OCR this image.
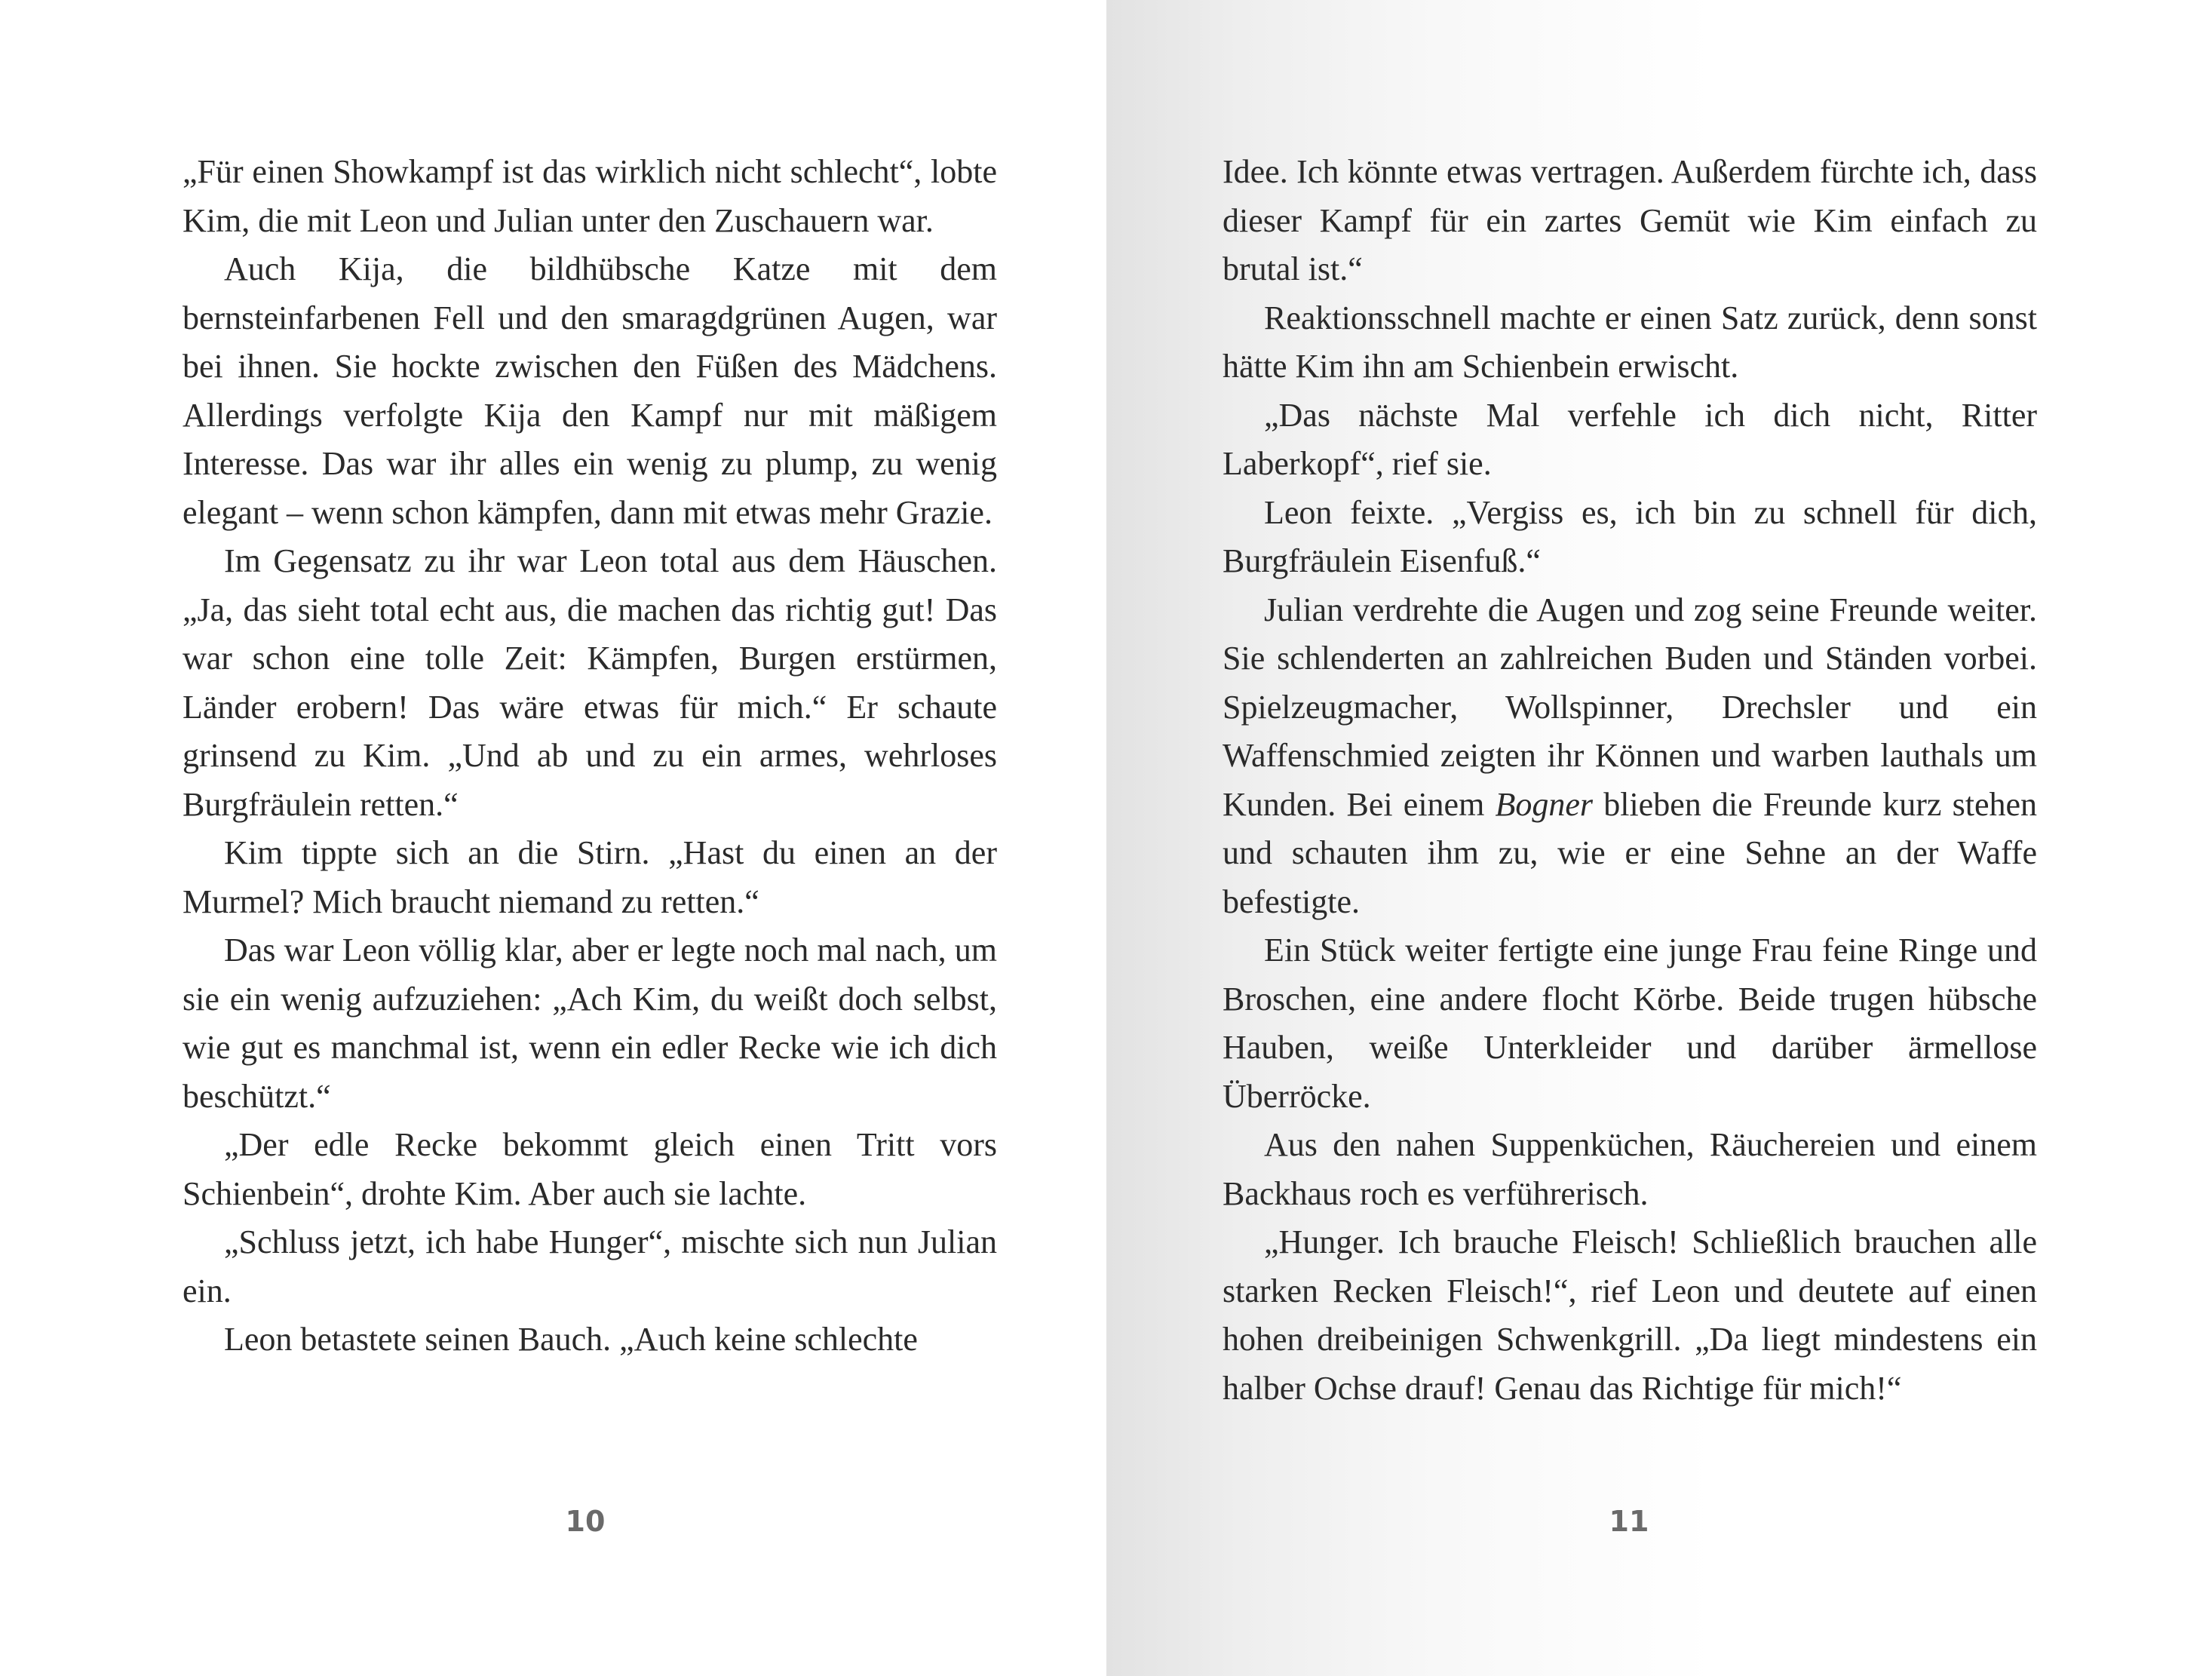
„Für einen Showkampf ist das wirklich nicht schlecht“, lobte Kim, die mit Leon und Julian unter den Zuschauern war.

Auch Kija, die bildhübsche Katze mit dem bernsteinfarbenen Fell und den smaragdgrünen Augen, war bei ihnen. Sie hockte zwischen den Füßen des Mädchens. Allerdings verfolgte Kija den Kampf nur mit mäßigem Interesse. Das war ihr alles ein wenig zu plump, zu wenig elegant – wenn schon kämpfen, dann mit etwas mehr Grazie.

Im Gegensatz zu ihr war Leon total aus dem Häuschen. „Ja, das sieht total echt aus, die machen das richtig gut! Das war schon eine tolle Zeit: Kämpfen, Burgen erstürmen, Länder erobern! Das wäre etwas für mich.“ Er schaute grinsend zu Kim. „Und ab und zu ein armes, wehrloses Burgfräulein retten.“

Kim tippte sich an die Stirn. „Hast du einen an der Murmel? Mich braucht niemand zu retten.“

Das war Leon völlig klar, aber er legte noch mal nach, um sie ein wenig aufzuziehen: „Ach Kim, du weißt doch selbst, wie gut es manchmal ist, wenn ein edler Recke wie ich dich beschützt.“

„Der edle Recke bekommt gleich einen Tritt vors Schienbein“, drohte Kim. Aber auch sie lachte.

„Schluss jetzt, ich habe Hunger“, mischte sich nun Julian ein.

Leon betastete seinen Bauch. „Auch keine schlechte

10

Idee. Ich könnte etwas vertragen. Außerdem fürchte ich, dass dieser Kampf für ein zartes Gemüt wie Kim einfach zu brutal ist.“

Reaktionsschnell machte er einen Satz zurück, denn sonst hätte Kim ihn am Schienbein erwischt.

„Das nächste Mal verfehle ich dich nicht, Ritter Laberkopf“, rief sie.

Leon feixte. „Vergiss es, ich bin zu schnell für dich, Burgfräulein Eisenfuß.“

Julian verdrehte die Augen und zog seine Freunde weiter. Sie schlenderten an zahlreichen Buden und Ständen vorbei. Spielzeugmacher, Wollspinner, Drechsler und ein Waffenschmied zeigten ihr Können und warben lauthals um Kunden. Bei einem Bogner blieben die Freunde kurz stehen und schauten ihm zu, wie er eine Sehne an der Waffe befestigte.

Ein Stück weiter fertigte eine junge Frau feine Ringe und Broschen, eine andere flocht Körbe. Beide trugen hübsche Hauben, weiße Unterkleider und darüber ärmellose Überröcke.

Aus den nahen Suppenküchen, Räuchereien und einem Backhaus roch es verführerisch.

„Hunger. Ich brauche Fleisch! Schließlich brauchen alle starken Recken Fleisch!“, rief Leon und deutete auf einen hohen dreibeinigen Schwenkgrill. „Da liegt mindestens ein halber Ochse drauf! Genau das Richtige für mich!“

11
